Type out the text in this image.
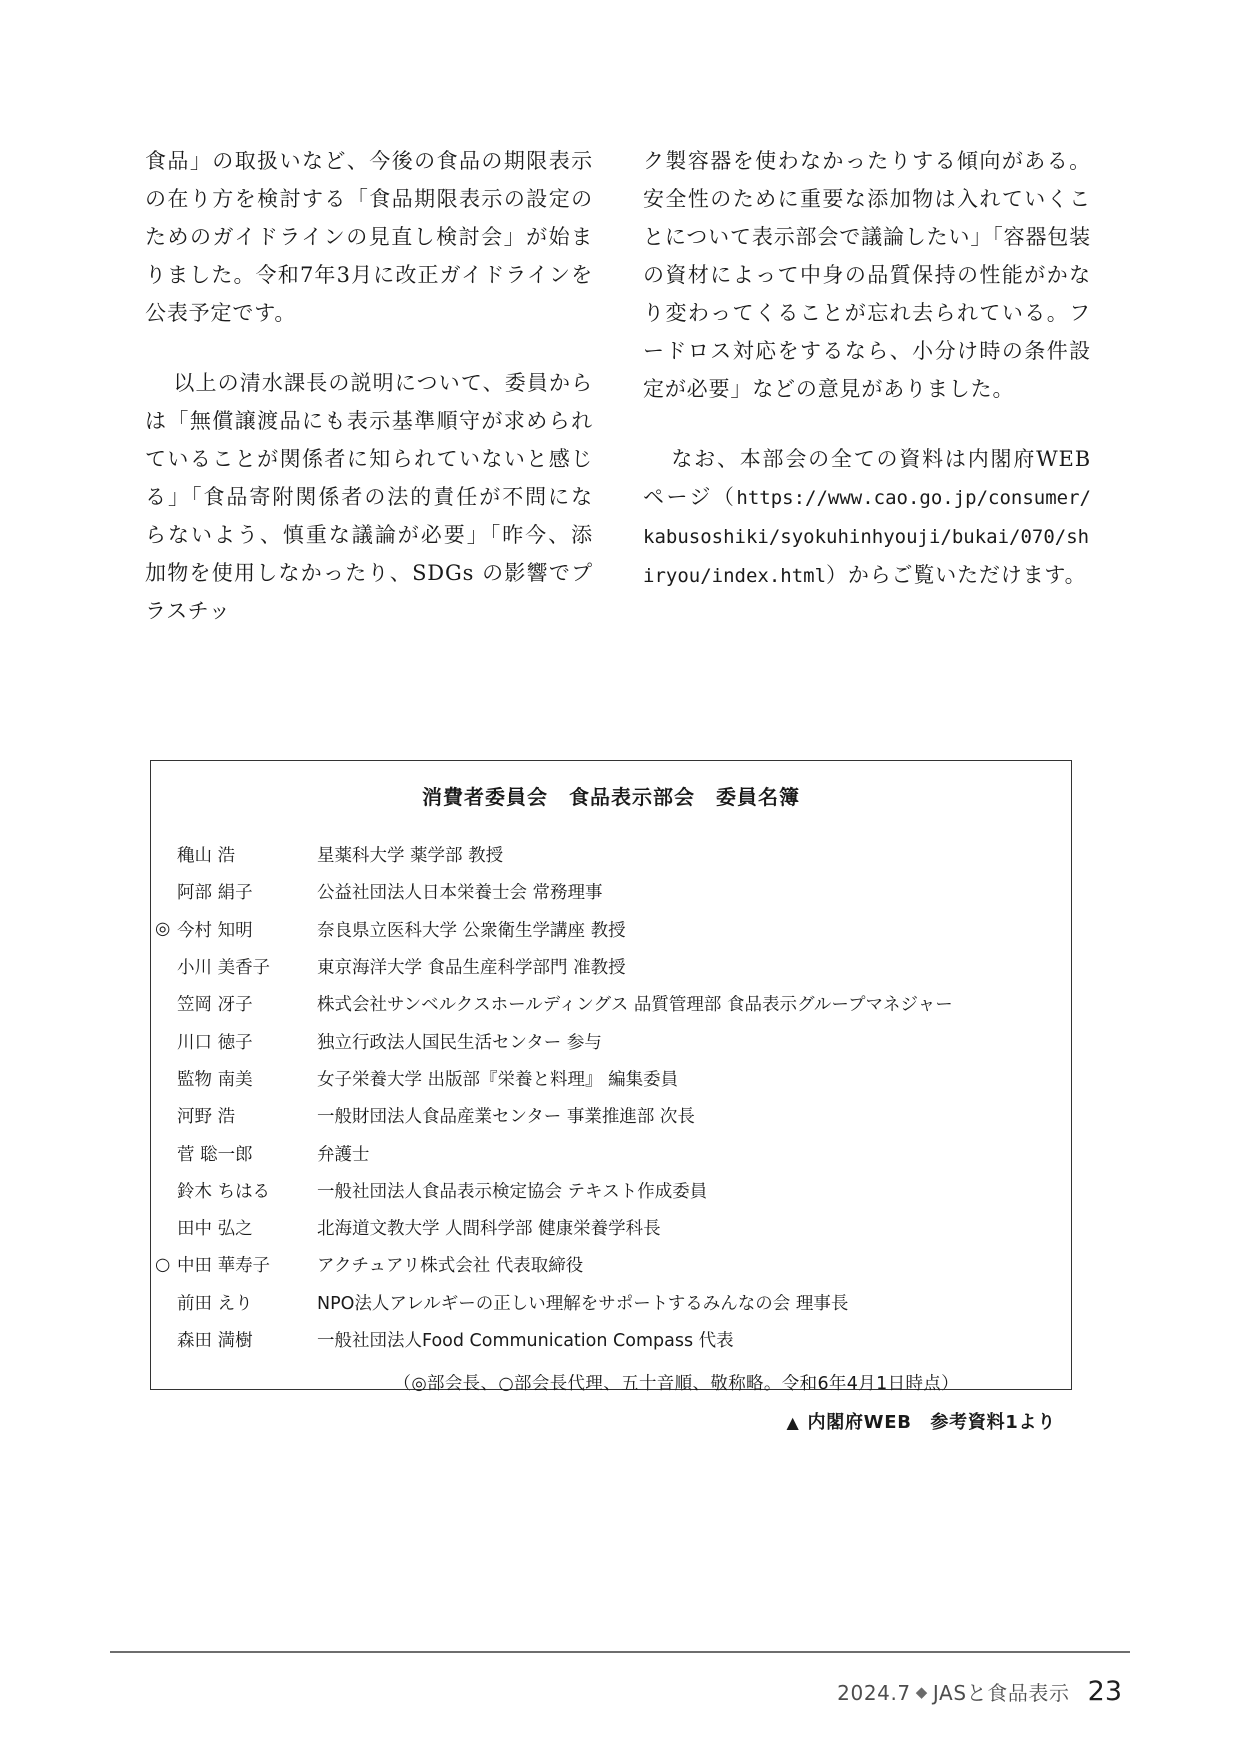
食品」の取扱いなど、今後の食品の期限表示の在り方を検討する「食品期限表示の設定のためのガイドラインの見直し検討会」が始まりました。令和7年3月に改正ガイドラインを公表予定です。

以上の清水課長の説明について、委員からは「無償譲渡品にも表示基準順守が求められていることが関係者に知られていないと感じる」「食品寄附関係者の法的責任が不問にならないよう、慎重な議論が必要」「昨今、添加物を使用しなかったり、SDGs の影響でプラスチッ

ク製容器を使わなかったりする傾向がある。安全性のために重要な添加物は入れていくことについて表示部会で議論したい」「容器包装の資材によって中身の品質保持の性能がかなり変わってくることが忘れ去られている。フードロス対応をするなら、小分け時の条件設定が必要」などの意見がありました。

なお、本部会の全ての資料は内閣府WEBページ（https://www.cao.go.jp/consumer/kabusoshiki/syokuhinhyouji/bukai/070/shiryou/index.html）からご覧いただけます。

消費者委員会　食品表示部会　委員名簿
穐山 浩	星薬科大学 薬学部 教授
阿部 絹子	公益社団法人日本栄養士会 常務理事
◎ 今村 知明	奈良県立医科大学 公衆衛生学講座 教授
小川 美香子	東京海洋大学 食品生産科学部門 准教授
笠岡 冴子	株式会社サンベルクスホールディングス 品質管理部 食品表示グループマネジャー
川口 徳子	独立行政法人国民生活センター 参与
監物 南美	女子栄養大学 出版部『栄養と料理』 編集委員
河野 浩	一般財団法人食品産業センター 事業推進部 次長
菅 聡一郎	弁護士
鈴木 ちはる	一般社団法人食品表示検定協会 テキスト作成委員
田中 弘之	北海道文教大学 人間科学部 健康栄養学科長
○ 中田 華寿子	アクチュアリ株式会社 代表取締役
前田 えり	NPO法人アレルギーの正しい理解をサポートするみんなの会 理事長
森田 満樹	一般社団法人Food Communication Compass 代表
（◎部会長、○部会長代理、五十音順、敬称略。令和6年4月1日時点）
▲ 内閣府WEB　参考資料1より
2024.7 ◆ JASと食品表示 23
